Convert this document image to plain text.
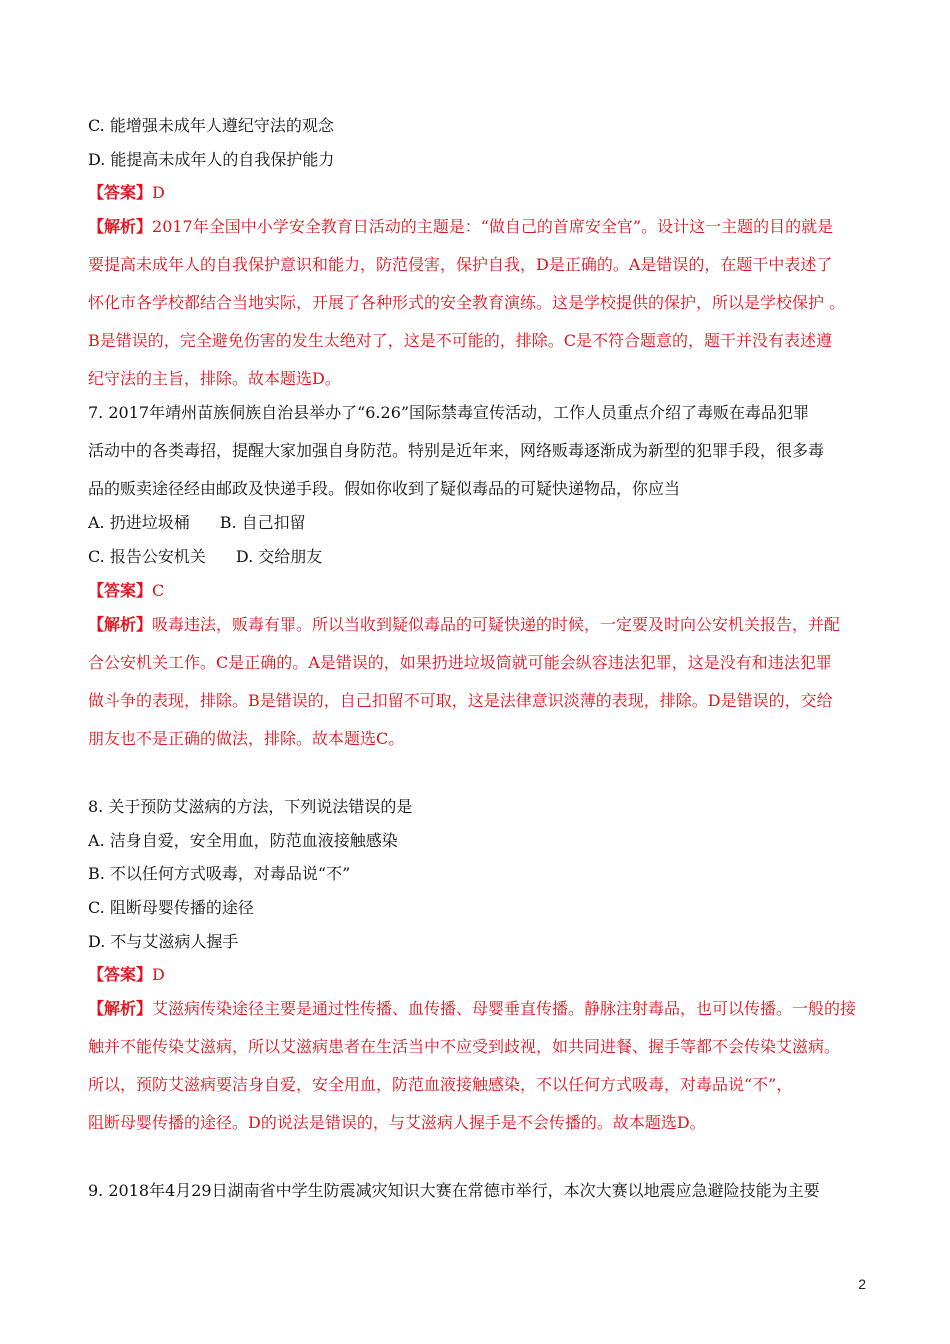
C. 能增强未成年人遵纪守法的观念
D. 能提高未成年人的自我保护能力
【答案】D
【解析】2017年全国中小学安全教育日活动的主题是：“做自己的首席安全官”。设计这一主题的目的就是
要提高未成年人的自我保护意识和能力，防范侵害，保护自我，D是正确的。A是错误的，在题干中表述了
怀化市各学校都结合当地实际，开展了各种形式的安全教育演练。这是学校提供的保护，所以是学校保护 。
B是错误的，完全避免伤害的发生太绝对了，这是不可能的，排除。C是不符合题意的，题干并没有表述遵
纪守法的主旨，排除。故本题选D。
7. 2017年靖州苗族侗族自治县举办了“6.26”国际禁毒宣传活动，工作人员重点介绍了毒贩在毒品犯罪
活动中的各类毒招，提醒大家加强自身防范。特别是近年来，网络贩毒逐渐成为新型的犯罪手段，很多毒
品的贩卖途径经由邮政及快递手段。假如你收到了疑似毒品的可疑快递物品，你应当
A. 扔进垃圾桶 B. 自己扣留
C. 报告公安机关 D. 交给朋友
【答案】C
【解析】吸毒违法，贩毒有罪。所以当收到疑似毒品的可疑快递的时候，一定要及时向公安机关报告，并配
合公安机关工作。C是正确的。A是错误的，如果扔进垃圾筒就可能会纵容违法犯罪，这是没有和违法犯罪
做斗争的表现，排除。B是错误的，自己扣留不可取，这是法律意识淡薄的表现，排除。D是错误的，交给
朋友也不是正确的做法，排除。故本题选C。
8. 关于预防艾滋病的方法，下列说法错误的是
A. 洁身自爱，安全用血，防范血液接触感染
B. 不以任何方式吸毒，对毒品说“不”
C. 阻断母婴传播的途径
D. 不与艾滋病人握手
【答案】D
【解析】艾滋病传染途径主要是通过性传播、血传播、母婴垂直传播。静脉注射毒品，也可以传播。一般的接
触并不能传染艾滋病，所以艾滋病患者在生活当中不应受到歧视，如共同进餐、握手等都不会传染艾滋病。
所以，预防艾滋病要洁身自爱，安全用血，防范血液接触感染，不以任何方式吸毒，对毒品说“不”，
阻断母婴传播的途径。D的说法是错误的，与艾滋病人握手是不会传播的。故本题选D。
9. 2018年4月29日湖南省中学生防震减灾知识大赛在常德市举行，本次大赛以地震应急避险技能为主要
2
